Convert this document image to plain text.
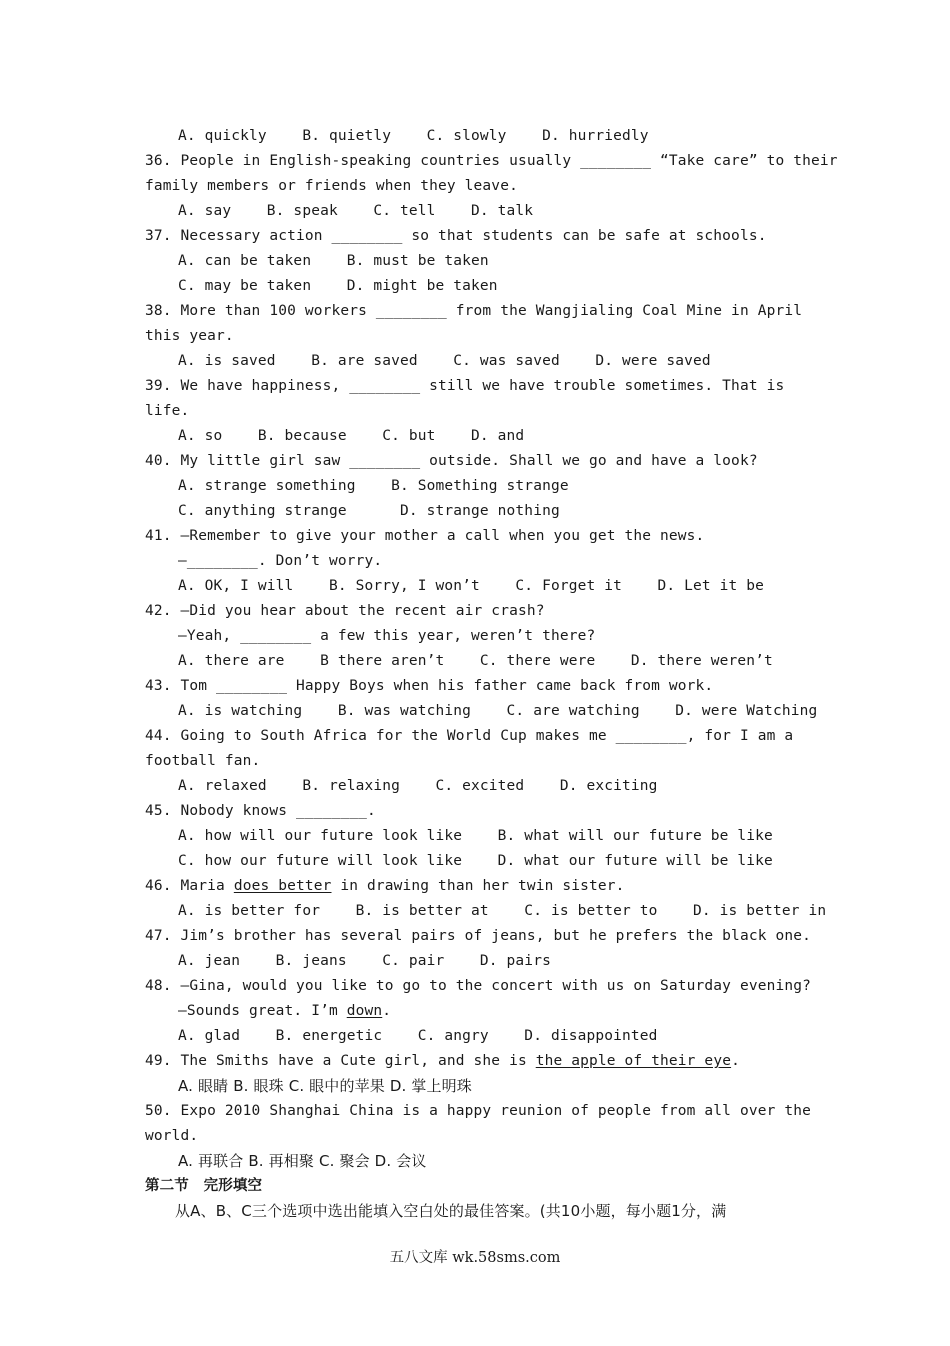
A. quickly    B. quietly    C. slowly    D. hurriedly
36. People in English-speaking countries usually ________ “Take care” to their
family members or friends when they leave.
A. say    B. speak    C. tell    D. talk
37. Necessary action ________ so that students can be safe at schools.
A. can be taken    B. must be taken
C. may be taken    D. might be taken
38. More than 100 workers ________ from the Wangjialing Coal Mine in April
this year.
A. is saved    B. are saved    C. was saved    D. were saved
39. We have happiness, ________ still we have trouble sometimes. That is
life.
A. so    B. because    C. but    D. and
40. My little girl saw ________ outside. Shall we go and have a look?
A. strange something    B. Something strange
C. anything strange      D. strange nothing
41. —Remember to give your mother a call when you get the news.
—________. Don’t worry.
A. OK, I will    B. Sorry, I won’t    C. Forget it    D. Let it be
42. —Did you hear about the recent air crash?
—Yeah, ________ a few this year, weren’t there?
A. there are    B there aren’t    C. there were    D. there weren’t
43. Tom ________ Happy Boys when his father came back from work.
A. is watching    B. was watching    C. are watching    D. were Watching
44. Going to South Africa for the World Cup makes me ________, for I am a
football fan.
A. relaxed    B. relaxing    C. excited    D. exciting
45. Nobody knows ________.
A. how will our future look like    B. what will our future be like
C. how our future will look like    D. what our future will be like
46. Maria does better in drawing than her twin sister.
A. is better for    B. is better at    C. is better to    D. is better in
47. Jim’s brother has several pairs of jeans, but he prefers the black one.
A. jean    B. jeans    C. pair    D. pairs
48. —Gina, would you like to go to the concert with us on Saturday evening?
—Sounds great. I’m down.
A. glad    B. energetic    C. angry    D. disappointed
49. The Smiths have a Cute girl, and she is the apple of their eye.
A. 眼睛 B. 眼珠 C. 眼中的苹果 D. 掌上明珠
50. Expo 2010 Shanghai China is a happy reunion of people from all over the
world.
A. 再联合 B. 再相聚 C. 聚会 D. 会议
第二节　完形填空
从A、B、C三个选项中选出能填入空白处的最佳答案。(共10小题，每小题1分，满
五八文库 wk.58sms.com
